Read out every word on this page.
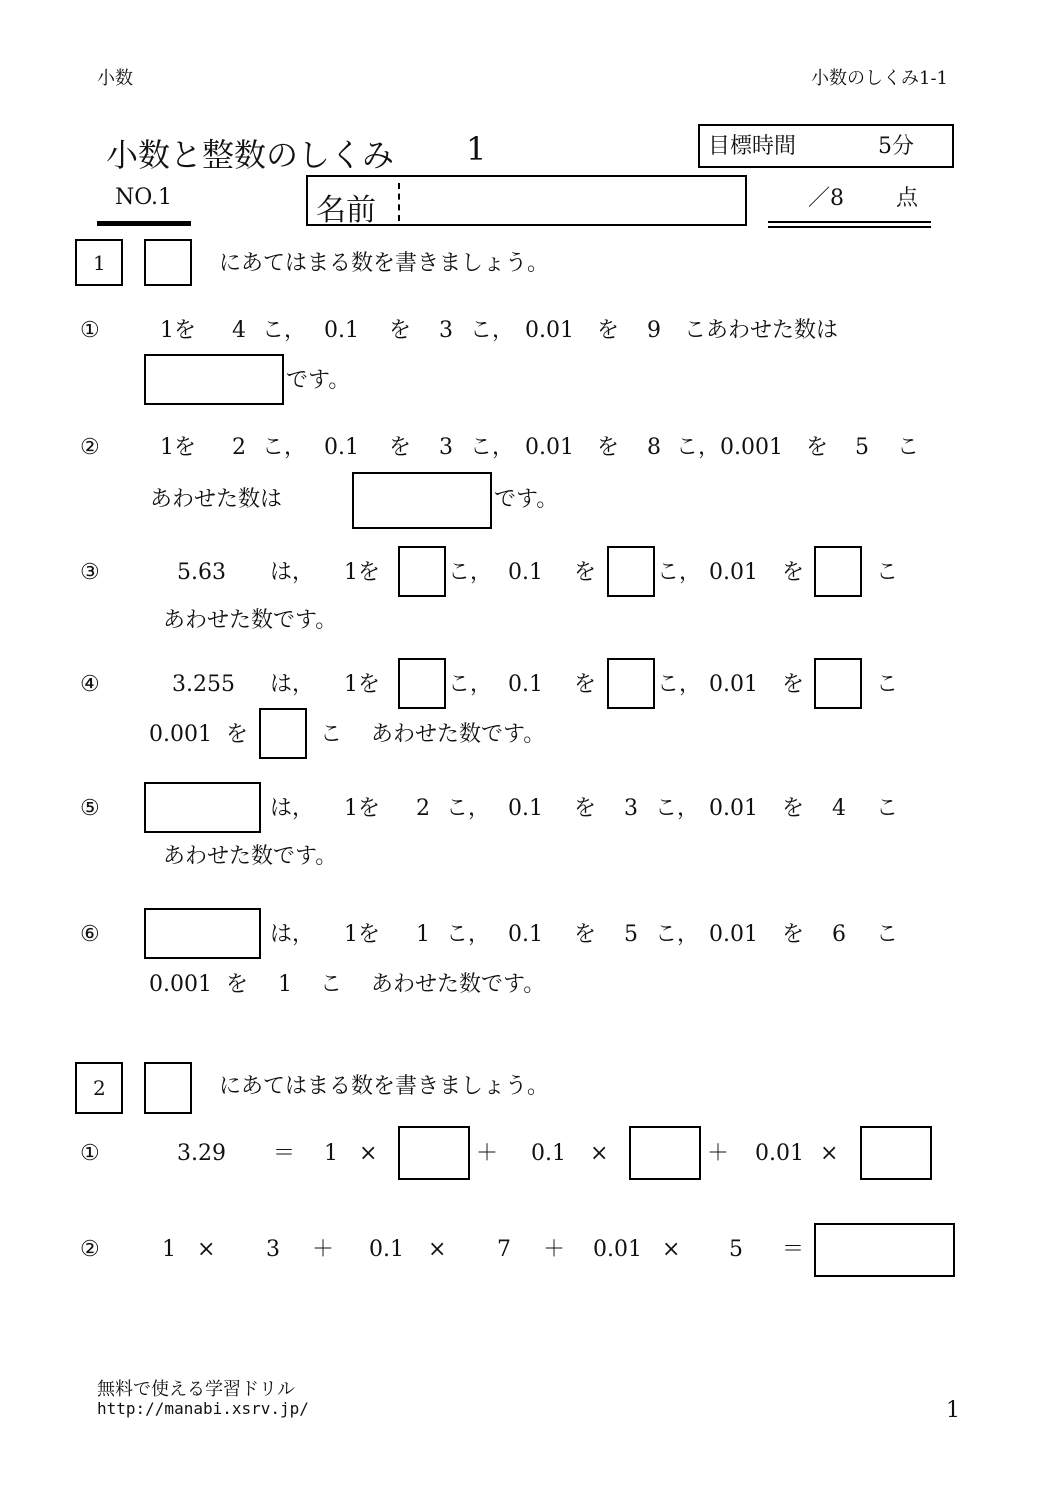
小数	小数のしくみ1-1
小数と整数のしくみ 1	目標時間	5分
NO.1	名前	／8 点
1	にあてはまる数を書きましょう。
①	1を 4 こ， 0.1 を 3 こ， 0.01 を 9 こあわせた数は
です。
②	1を 2 こ， 0.1 を 3 こ， 0.01 を 8 こ，0.001 を 5 こ
あわせた数は	です。
③	5.63 は， 1を	こ， 0.1 を	こ， 0.01 を	こ
あわせた数です。
④	3.255 は， 1を	こ， 0.1 を	こ， 0.01 を	こ
0.001 を	こ あわせた数です。
⑤	は， 1を 2 こ， 0.1 を 3 こ， 0.01 を 4 こ
あわせた数です。
⑥	は， 1を 1 こ， 0.1 を 5 こ， 0.01 を 6 こ
0.001 を 1 こ あわせた数です。
2	にあてはまる数を書きましょう。
①	3.29 ＝ 1 ×	＋ 0.1 ×	＋ 0.01 ×
②	1 × 3 ＋ 0.1 × 7 ＋ 0.01 × 5 ＝
無料で使える学習ドリル
http://manabi.xsrv.jp/	1
